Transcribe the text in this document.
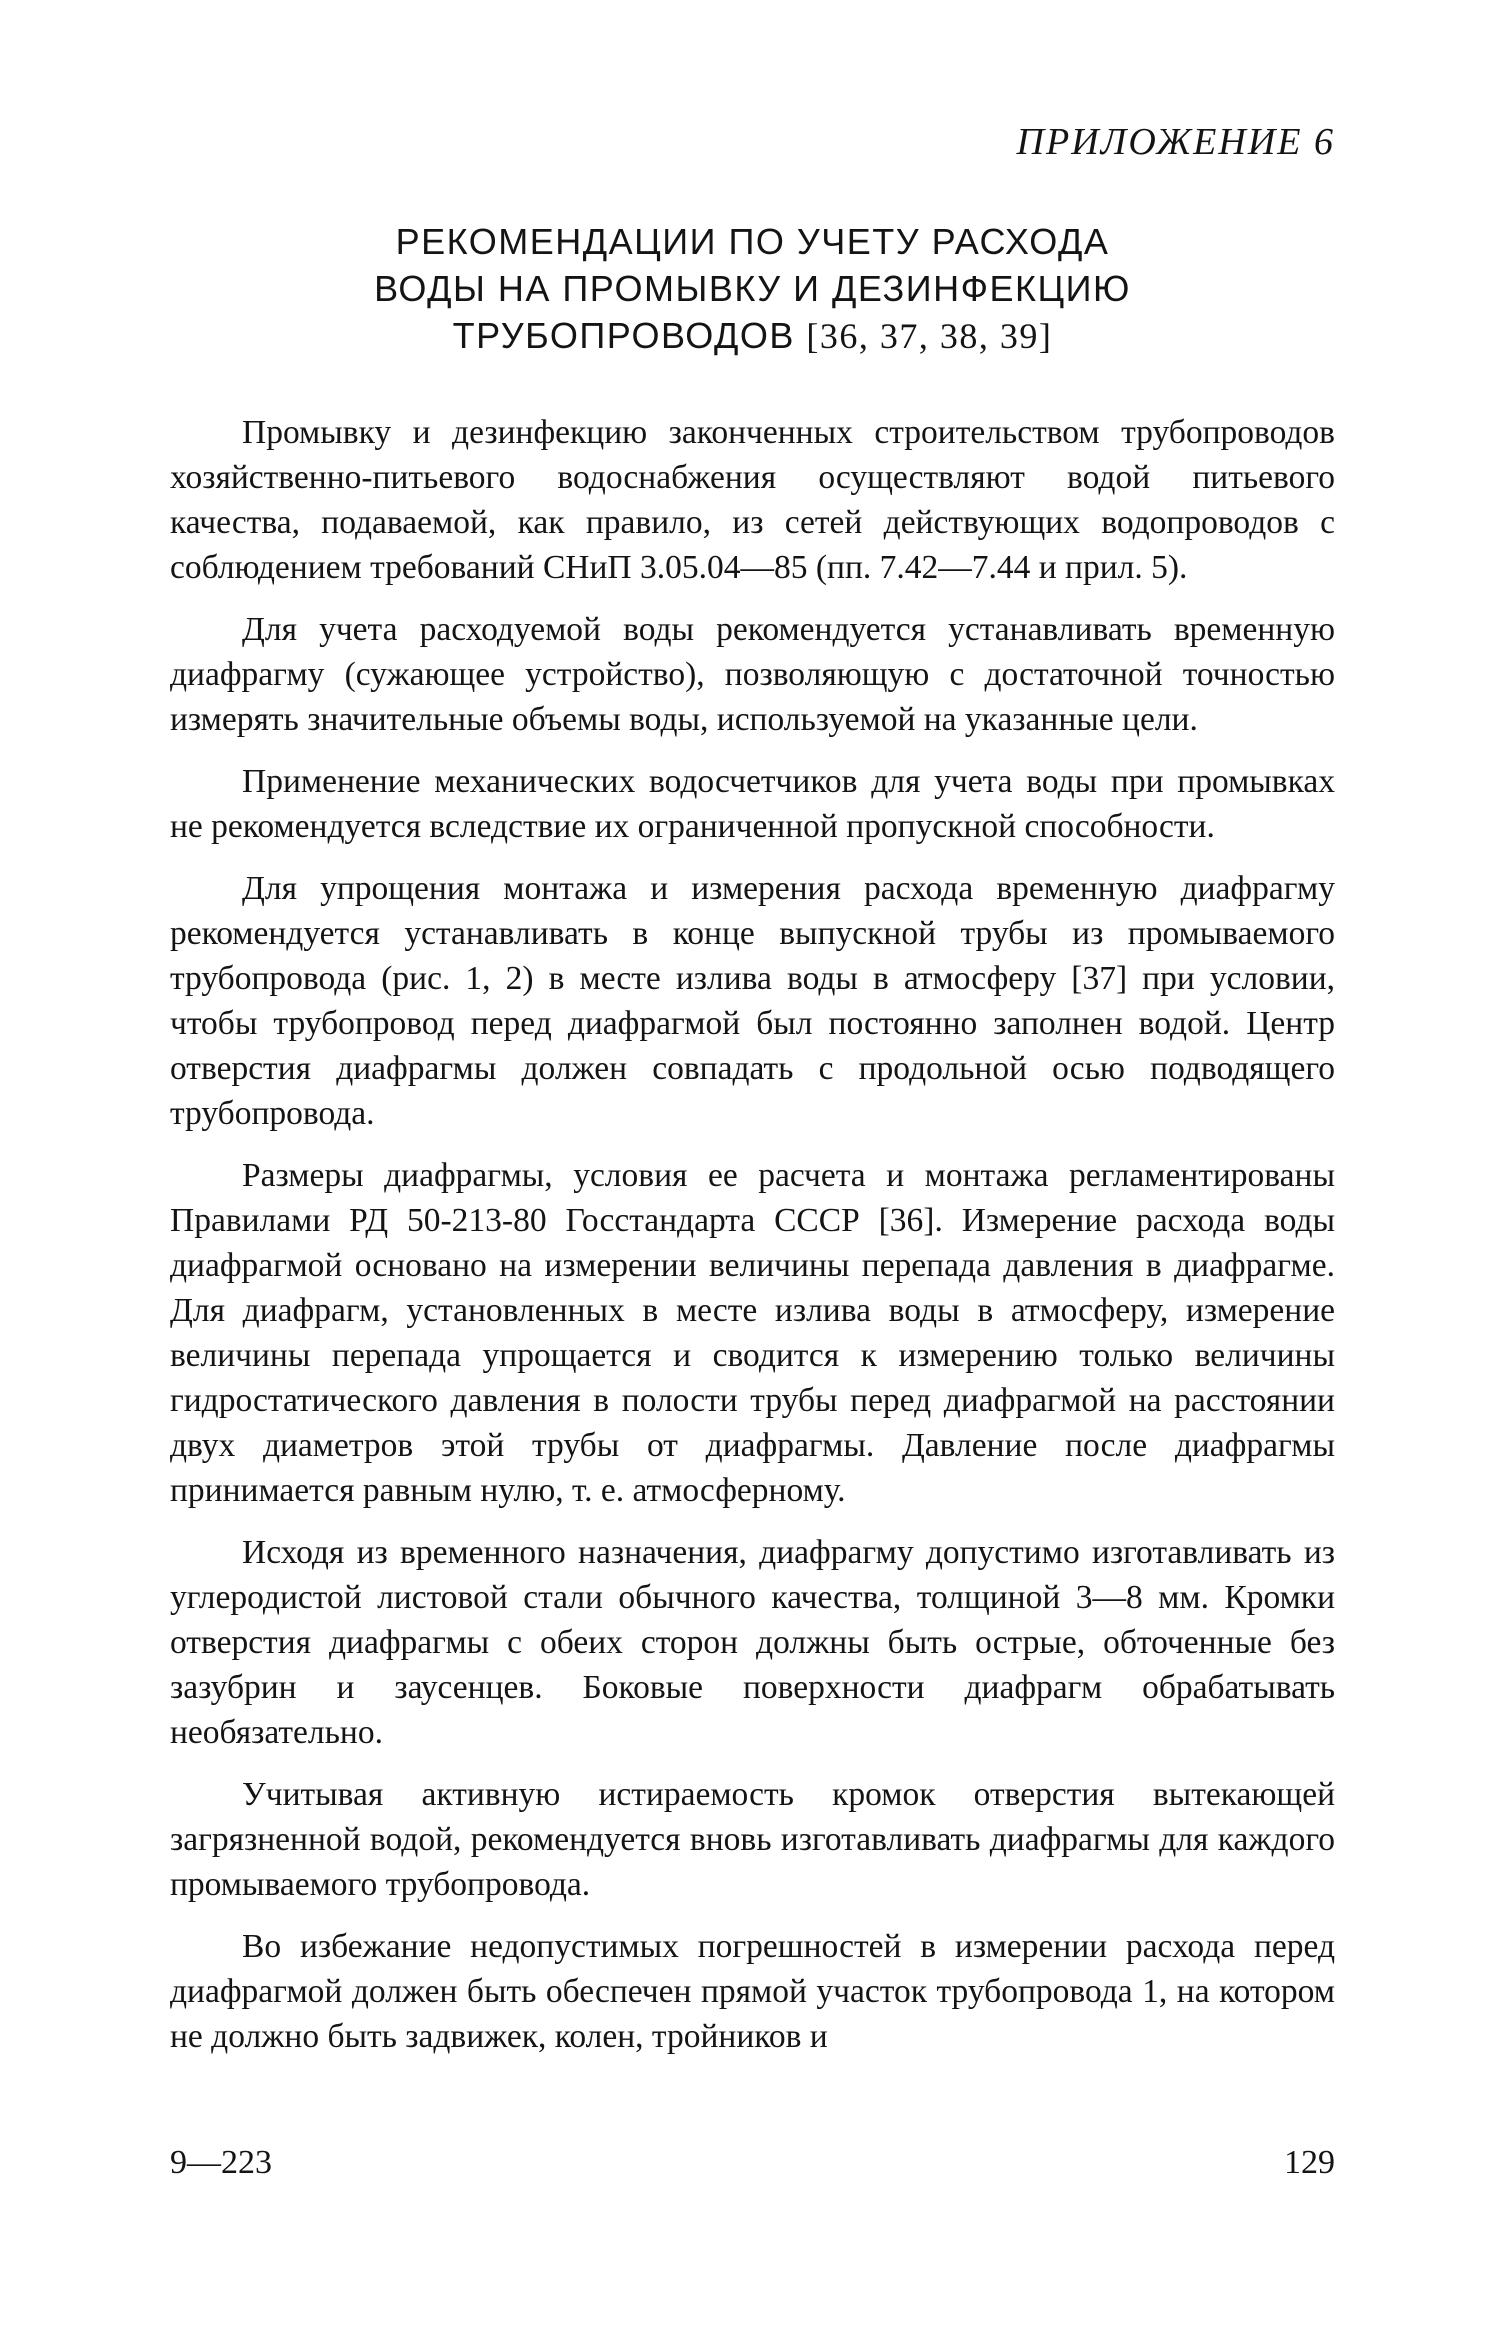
ПРИЛОЖЕНИЕ 6
РЕКОМЕНДАЦИИ ПО УЧЕТУ РАСХОДА
ВОДЫ НА ПРОМЫВКУ И ДЕЗИНФЕКЦИЮ
ТРУБОПРОВОДОВ [36, 37, 38, 39]

Промывку и дезинфекцию законченных строительством трубопроводов хозяйственно-питьевого водоснабжения осуществляют водой питьевого качества, подаваемой, как правило, из сетей действующих водопроводов с соблюдением требований СНиП 3.05.04—85 (пп. 7.42—7.44 и прил. 5).

Для учета расходуемой воды рекомендуется устанавливать временную диафрагму (сужающее устройство), позволяющую с достаточной точностью измерять значительные объемы воды, используемой на указанные цели.

Применение механических водосчетчиков для учета воды при промывках не рекомендуется вследствие их ограниченной пропускной способности.

Для упрощения монтажа и измерения расхода временную диафрагму рекомендуется устанавливать в конце выпускной трубы из промываемого трубопровода (рис. 1, 2) в месте излива воды в атмосферу [37] при условии, чтобы трубопровод перед диафрагмой был постоянно заполнен водой. Центр отверстия диафрагмы должен совпадать с продольной осью подводящего трубопровода.

Размеры диафрагмы, условия ее расчета и монтажа регламентированы Правилами РД 50-213-80 Госстандарта СССР [36]. Измерение расхода воды диафрагмой основано на измерении величины перепада давления в диафрагме. Для диафрагм, установленных в месте излива воды в атмосферу, измерение величины перепада упрощается и сводится к измерению только величины гидростатического давления в полости трубы перед диафрагмой на расстоянии двух диаметров этой трубы от диафрагмы. Давление после диафрагмы принимается равным нулю, т. е. атмосферному.

Исходя из временного назначения, диафрагму допустимо изготавливать из углеродистой листовой стали обычного качества, толщиной 3—8 мм. Кромки отверстия диафрагмы с обеих сторон должны быть острые, обточенные без зазубрин и заусенцев. Боковые поверхности диафрагм обрабатывать необязательно.

Учитывая активную истираемость кромок отверстия вытекающей загрязненной водой, рекомендуется вновь изготавливать диафрагмы для каждого промываемого трубопровода.

Во избежание недопустимых погрешностей в измерении расхода перед диафрагмой должен быть обеспечен прямой участок трубопровода 1, на котором не должно быть задвижек, колен, тройников и

9—223	129
